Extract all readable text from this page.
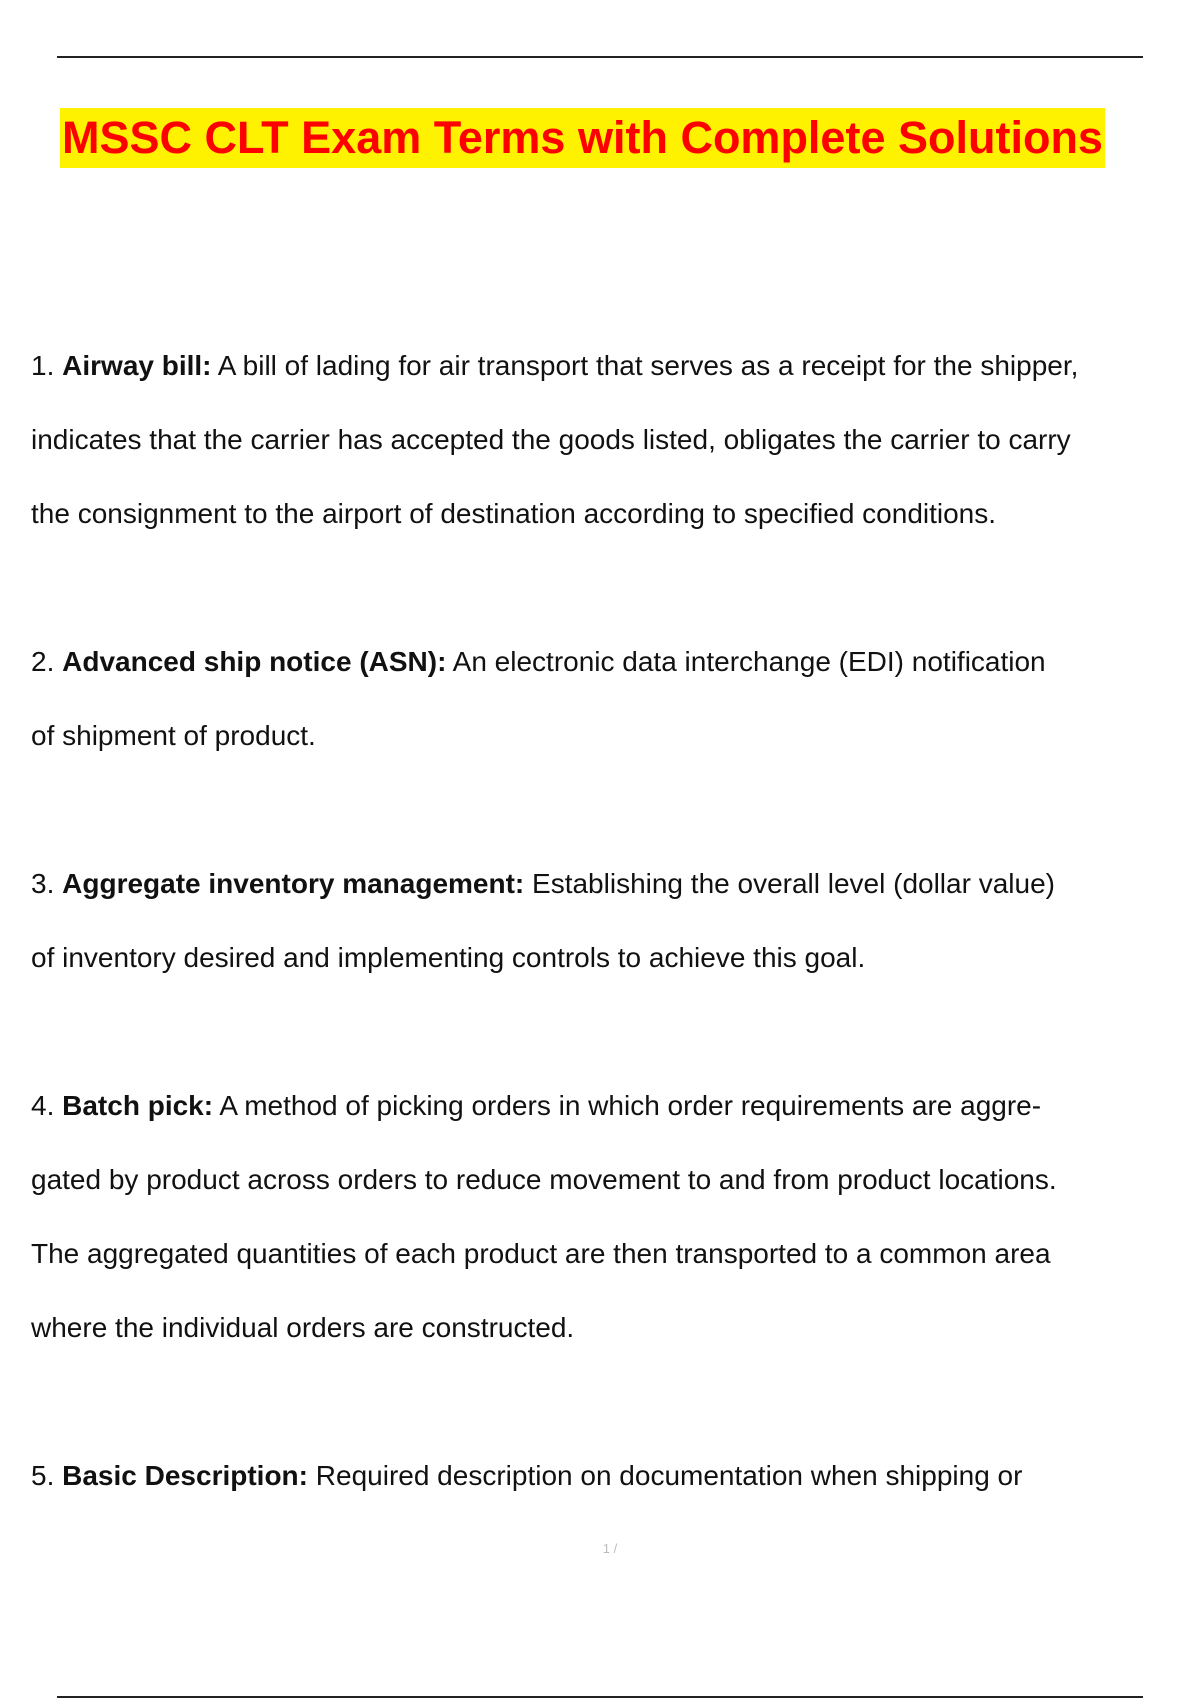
MSSC CLT Exam Terms with Complete Solutions
1. Airway bill: A bill of lading for air transport that serves as a receipt for the shipper,
indicates that the carrier has accepted the goods listed, obligates the carrier to carry
the consignment to the airport of destination according to specified conditions.
2. Advanced ship notice (ASN): An electronic data interchange (EDI) notification
of shipment of product.
3. Aggregate inventory management: Establishing the overall level (dollar value)
of inventory desired and implementing controls to achieve this goal.
4. Batch pick: A method of picking orders in which order requirements are aggre-
gated by product across orders to reduce movement to and from product locations.
The aggregated quantities of each product are then transported to a common area
where the individual orders are constructed.
5. Basic Description: Required description on documentation when shipping or
1 /
